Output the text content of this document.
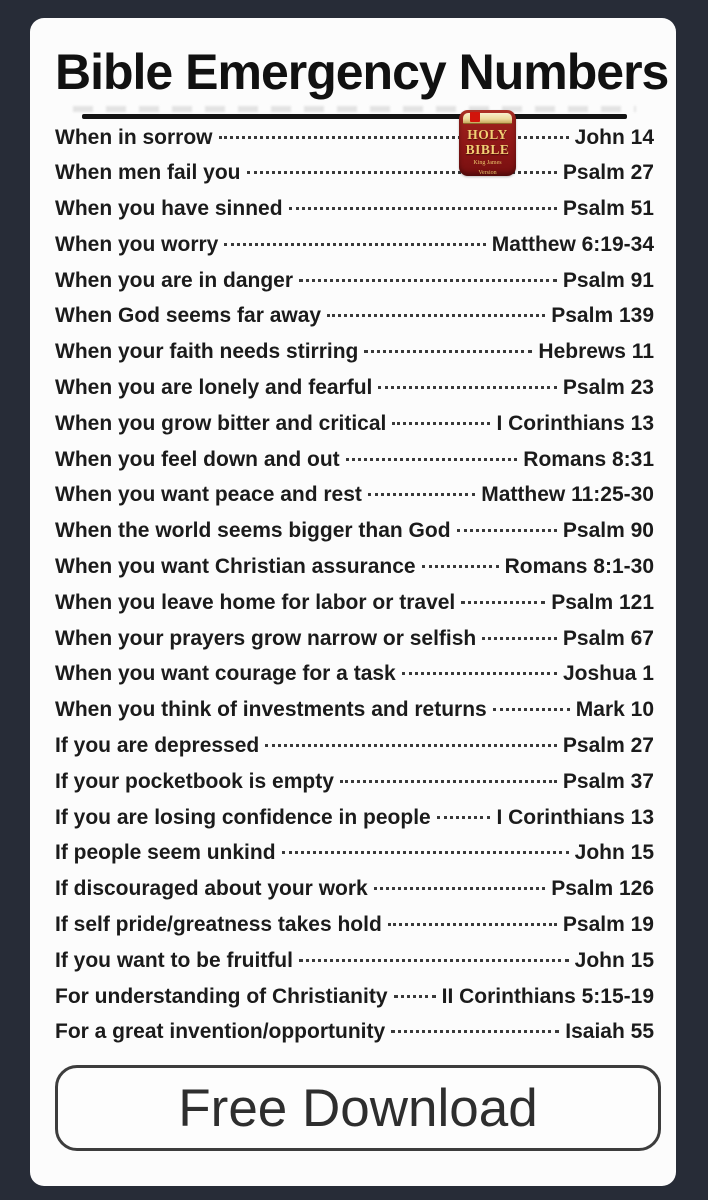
Bible Emergency Numbers
HOLY
BIBLE
King James
Version
When in sorrow	John 14
When men fail you	Psalm 27
When you have sinned	Psalm 51
When you worry	Matthew 6:19-34
When you are in danger	Psalm 91
When God seems far away	Psalm 139
When your faith needs stirring	Hebrews 11
When you are lonely and fearful	Psalm 23
When you grow bitter and critical	I Corinthians 13
When you feel down and out	Romans 8:31
When you want peace and rest	Matthew 11:25-30
When the world seems bigger than God	Psalm 90
When you want Christian assurance	Romans 8:1-30
When you leave home for labor or travel	Psalm 121
When your prayers grow narrow or selfish	Psalm 67
When you want courage for a task	Joshua 1
When you think of investments and returns	Mark 10
If you are depressed	Psalm 27
If your pocketbook is empty	Psalm 37
If you are losing confidence in people	I Corinthians 13
If people seem unkind	John 15
If discouraged about your work	Psalm 126
If self pride/greatness takes hold	Psalm 19
If you want to be fruitful	John 15
For understanding of Christianity	II Corinthians 5:15-19
For a great invention/opportunity	Isaiah 55
Free Download
